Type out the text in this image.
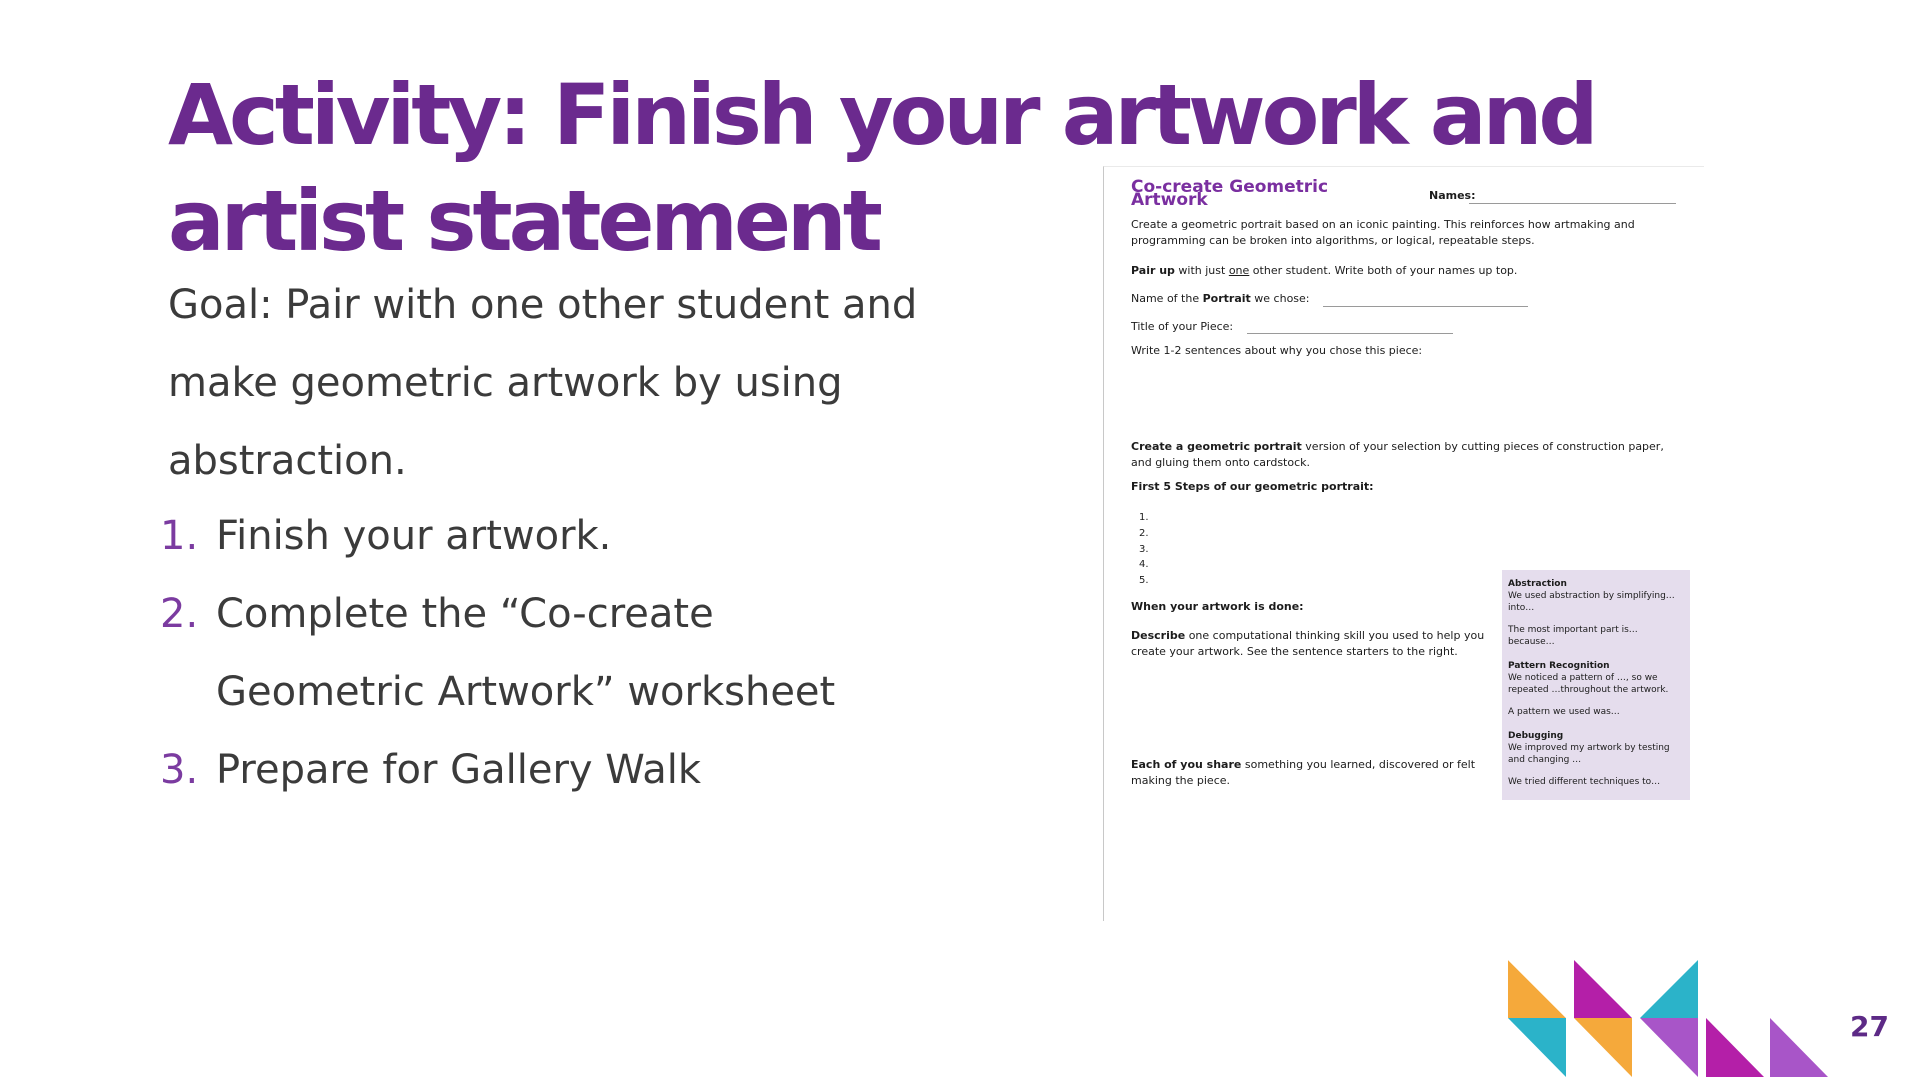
Activity: Finish your artwork and artist statement

Goal: Pair with one other student and make geometric artwork by using abstraction.

1. Finish your artwork.
2. Complete the “Co-create Geometric Artwork” worksheet
3. Prepare for Gallery Walk
Co-create Geometric Artwork	Names:
Create a geometric portrait based on an iconic painting. This reinforces how artmaking and programming can be broken into algorithms, or logical, repeatable steps.
Pair up with just one other student. Write both of your names up top.
Name of the Portrait we chose:
Title of your Piece:
Write 1-2 sentences about why you chose this piece:
Create a geometric portrait version of your selection by cutting pieces of construction paper, and gluing them onto cardstock.
First 5 Steps of our geometric portrait:
1.
2.
3.
4.
5.
When your artwork is done:
Describe one computational thinking skill you used to help you create your artwork. See the sentence starters to the right.
Each of you share something you learned, discovered or felt making the piece.
Abstraction
We used abstraction by simplifying… into…
The most important part is… because…
Pattern Recognition
We noticed a pattern of …, so we repeated …throughout the artwork.
A pattern we used was…
Debugging
We improved my artwork by testing and changing …
We tried different techniques to…
27
